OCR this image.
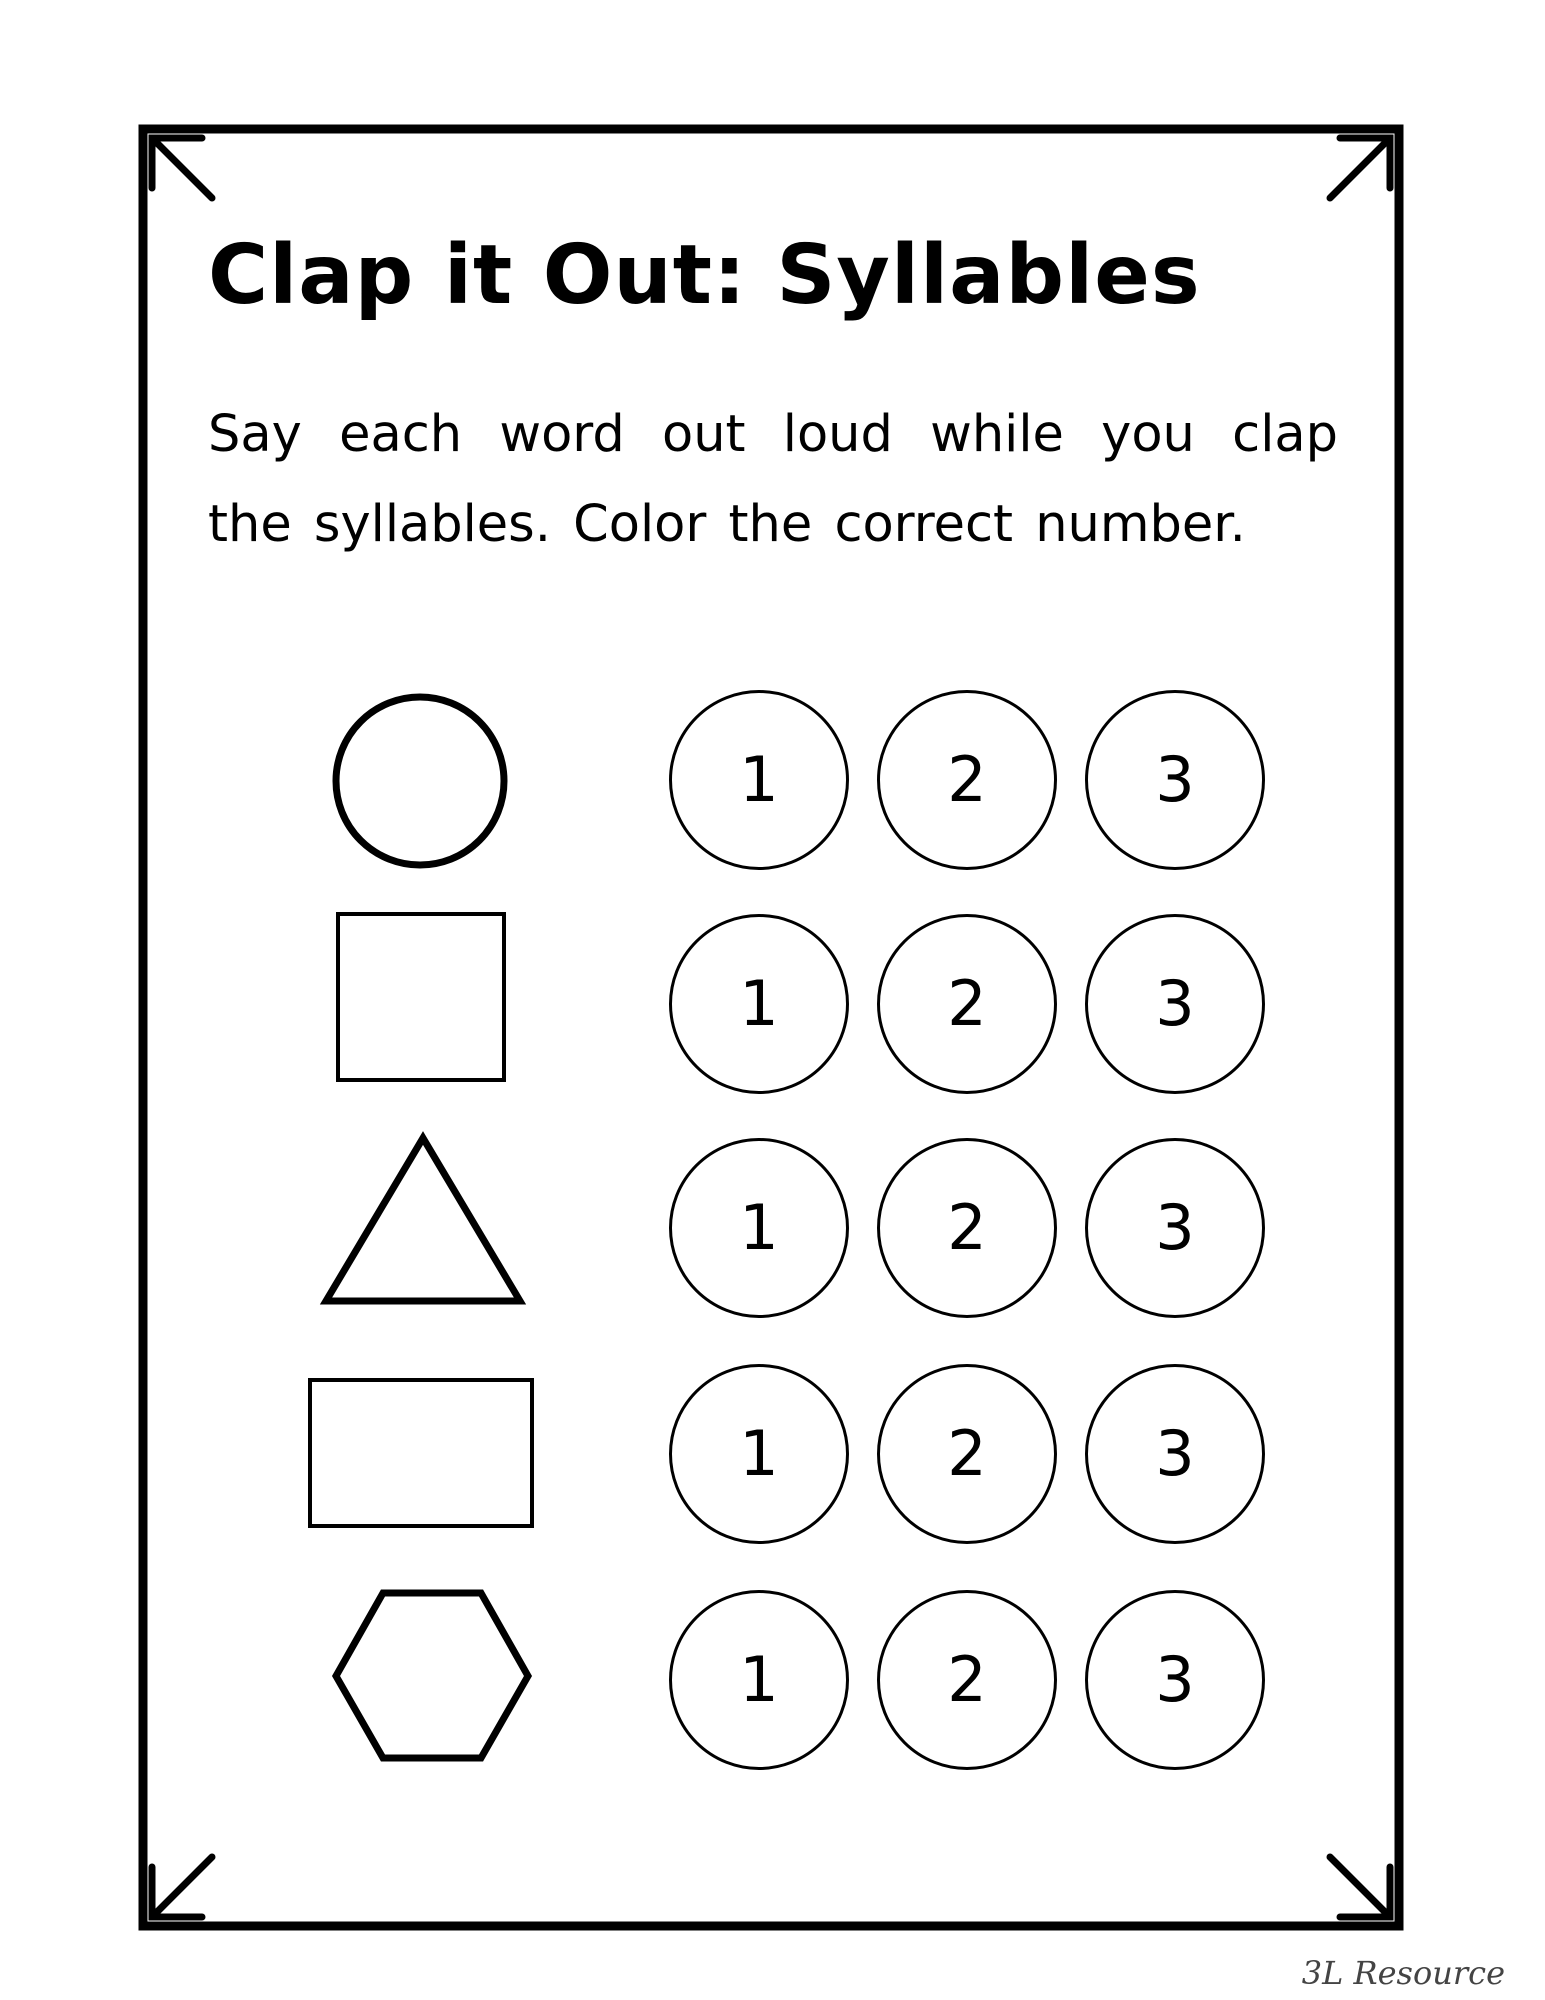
Clap it Out: Syllables

Say each word out loud while you clap the syllables. Color the correct number.

1	2	3
1	2	3
1	2	3
1	2	3
1	2	3
3L Resource
